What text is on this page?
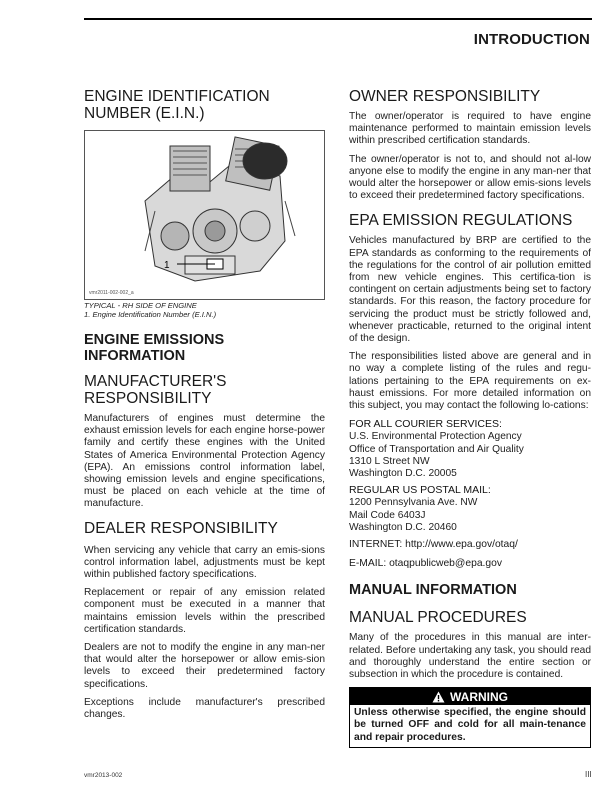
INTRODUCTION
ENGINE IDENTIFICATION
NUMBER (E.I.N.)
1
vmr2011-002-002_a
TYPICAL - RH SIDE OF ENGINE
1. Engine Identification Number (E.I.N.)
ENGINE EMISSIONS
INFORMATION
MANUFACTURER'S
RESPONSIBILITY

Manufacturers of engines must determine the exhaust emission levels for each engine horse-power family and certify these engines with the United States of America Environmental Protection Agency (EPA). An emissions control information label, showing emission levels and engine specifications, must be placed on each vehicle at the time of manufacture.

DEALER RESPONSIBILITY

When servicing any vehicle that carry an emis-sions control information label, adjustments must be kept within published factory specifications.

Replacement or repair of any emission related component must be executed in a manner that maintains emission levels within the prescribed certification standards.

Dealers are not to modify the engine in any man-ner that would alter the horsepower or allow emis-sion levels to exceed their predetermined factory specifications.

Exceptions include manufacturer's prescribed changes.

OWNER RESPONSIBILITY

The owner/operator is required to have engine maintenance performed to maintain emission levels within prescribed certification standards.

The owner/operator is not to, and should not al-low anyone else to modify the engine in any man-ner that would alter the horsepower or allow emis-sions levels to exceed their predetermined factory specifications.

EPA EMISSION REGULATIONS

Vehicles manufactured by BRP are certified to the EPA standards as conforming to the requirements of the regulations for the control of air pollution emitted from new vehicle engines. This certifica-tion is contingent on certain adjustments being set to factory standards. For this reason, the factory procedure for servicing the product must be strictly followed and, whenever practicable, returned to the original intent of the design.

The responsibilities listed above are general and in no way a complete listing of the rules and regu-lations pertaining to the EPA requirements on ex-haust emissions. For more detailed information on this subject, you may contact the following lo-cations:

FOR ALL COURIER SERVICES:
U.S. Environmental Protection Agency
Office of Transportation and Air Quality
1310 L Street NW
Washington D.C. 20005
REGULAR US POSTAL MAIL:
1200 Pennsylvania Ave. NW
Mail Code 6403J
Washington D.C. 20460
INTERNET: http://www.epa.gov/otaq/
E-MAIL: otaqpublicweb@epa.gov
MANUAL INFORMATION
MANUAL PROCEDURES

Many of the procedures in this manual are inter-related. Before undertaking any task, you should read and thoroughly understand the entire section or subsection in which the procedure is contained.

WARNING
Unless otherwise specified, the engine should be turned OFF and cold for all main-tenance and repair procedures.
vmr2013-002	III
